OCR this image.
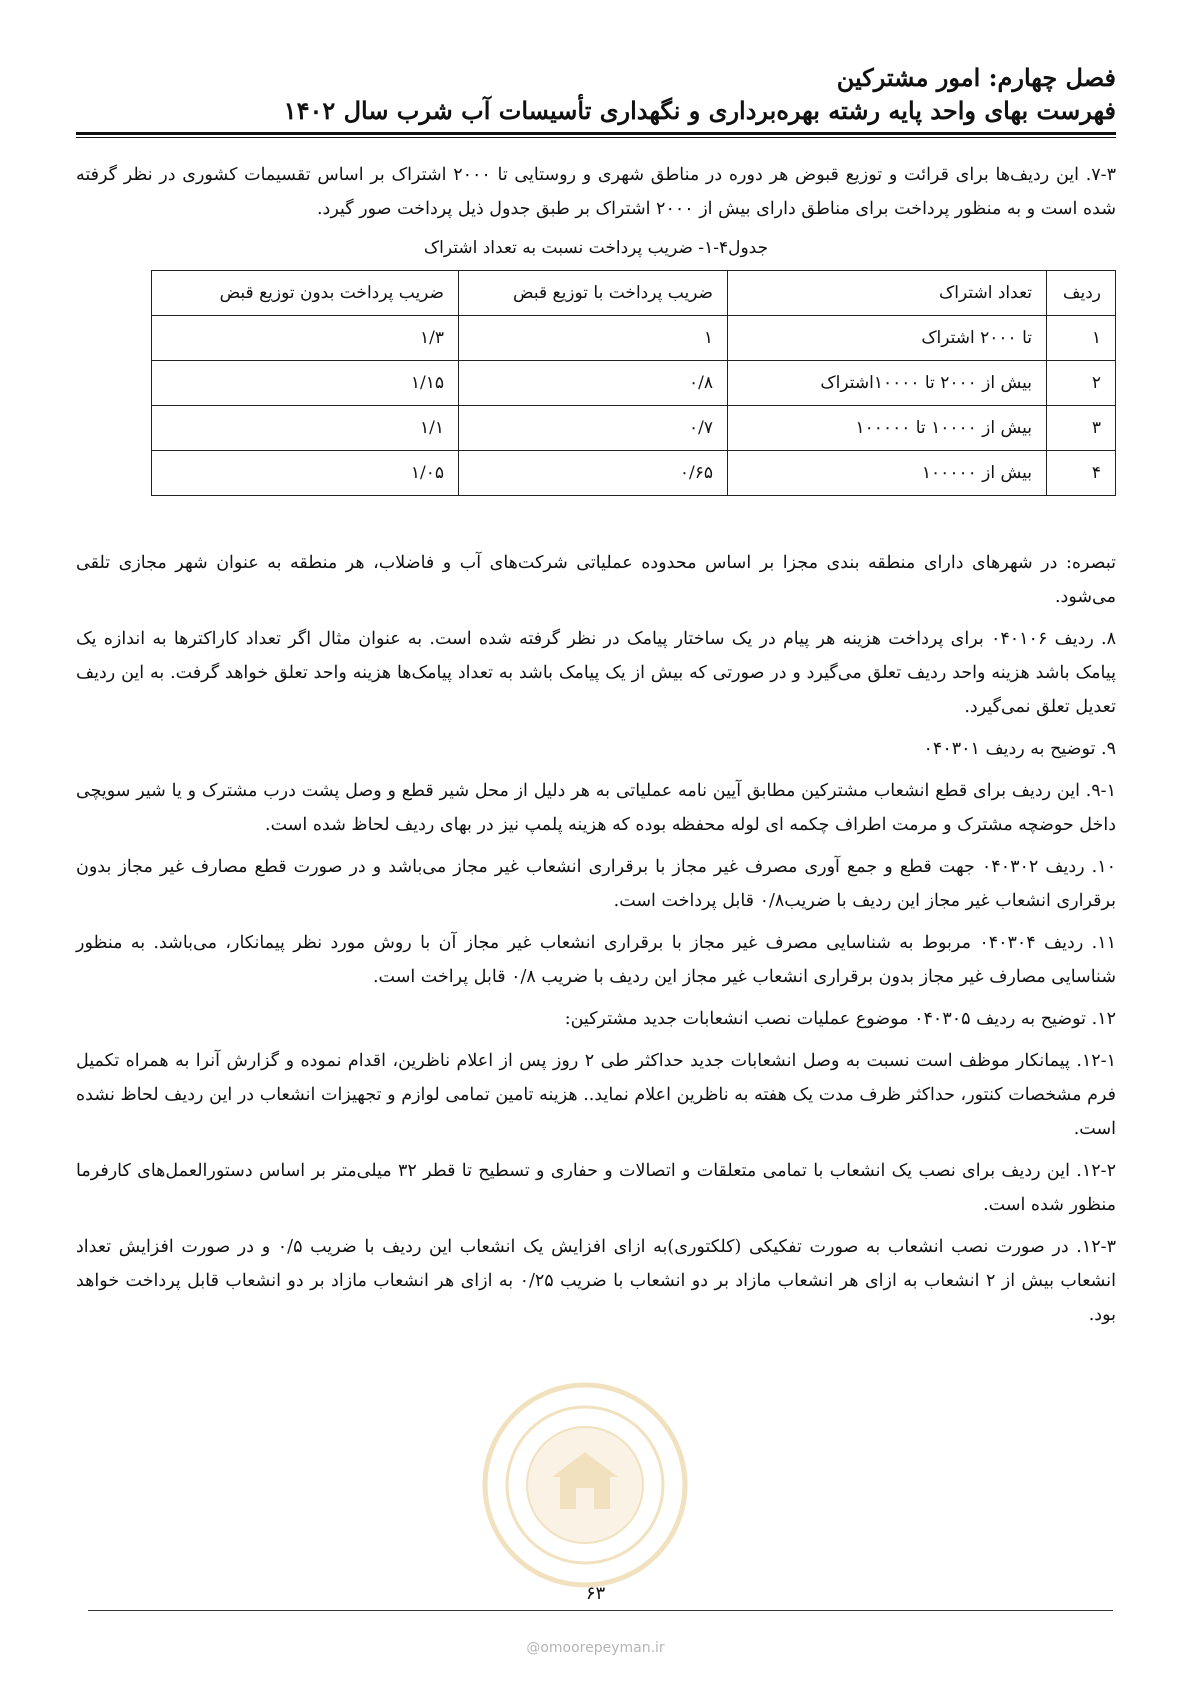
فصل چهارم: امور مشترکین
فهرست بهای واحد پایه رشته بهره‌برداری و نگهداری تأسیسات آب شرب سال ۱۴۰۲

۷-۳. این ردیف‌ها برای قرائت و توزیع قبوض هر دوره در مناطق شهری و روستایی تا ۲۰۰۰ اشتراک بر اساس تقسیمات کشوری در نظر گرفته شده است و به منظور پرداخت برای مناطق دارای بیش از ۲۰۰۰ اشتراک بر طبق جدول ذیل پرداخت صور گیرد.

جدول۴-۱- ضریب پرداخت نسبت به تعداد اشتراک
ردیف	تعداد اشتراک	ضریب پرداخت با توزیع قبض	ضریب پرداخت بدون توزیع قبض
۱	تا ۲۰۰۰ اشتراک	۱	۱/۳
۲	بیش از ۲۰۰۰ تا ۱۰۰۰۰اشتراک	۰/۸	۱/۱۵
۳	بیش از ۱۰۰۰۰ تا ۱۰۰۰۰۰	۰/۷	۱/۱
۴	بیش از ۱۰۰۰۰۰	۰/۶۵	۱/۰۵

تبصره: در شهرهای دارای منطقه بندی مجزا بر اساس محدوده عملیاتی شرکت‌های آب و فاضلاب، هر منطقه به عنوان شهر مجازی تلقی می‌شود.

۸. ردیف ۰۴۰۱۰۶ برای پرداخت هزینه هر پیام در یک ساختار پیامک در نظر گرفته شده است. به عنوان مثال اگر تعداد کاراکترها به اندازه یک پیامک باشد هزینه واحد ردیف تعلق می‌گیرد و در صورتی که بیش از یک پیامک باشد به تعداد پیامک‌ها هزینه واحد تعلق خواهد گرفت. به این ردیف تعدیل تعلق نمی‌گیرد.

۹. توضیح به ردیف ۰۴۰۳۰۱

۹-۱. این ردیف برای قطع انشعاب مشترکین مطابق آیین نامه عملیاتی به هر دلیل از محل شیر قطع و وصل پشت درب مشترک و یا شیر سویچی داخل حوضچه مشترک و مرمت اطراف چکمه ای لوله محفظه بوده که هزینه پلمپ نیز در بهای ردیف لحاظ شده است.

۱۰. ردیف ۰۴۰۳۰۲ جهت قطع و جمع آوری مصرف غیر مجاز با برقراری انشعاب غیر مجاز می‌باشد و در صورت قطع مصارف غیر مجاز بدون برقراری انشعاب غیر مجاز این ردیف با ضریب۰/۸ قابل پرداخت است.

۱۱. ردیف ۰۴۰۳۰۴ مربوط به شناسایی مصرف غیر مجاز با برقراری انشعاب غیر مجاز آن با روش مورد نظر پیمانکار، می‌باشد. به منظور شناسایی مصارف غیر مجاز بدون برقراری انشعاب غیر مجاز این ردیف با ضریب ۰/۸ قابل پراخت است.

۱۲. توضیح به ردیف ۰۴۰۳۰۵ موضوع عملیات نصب انشعابات جدید مشترکین:

۱۲-۱. پیمانکار موظف است نسبت به وصل انشعابات جدید حداکثر طی ۲ روز پس از اعلام ناظرین، اقدام نموده و گزارش آنرا به همراه تکمیل فرم مشخصات کنتور، حداکثر ظرف مدت یک هفته به ناظرین اعلام نماید.. هزینه تامین تمامی لوازم و تجهیزات انشعاب در این ردیف لحاظ نشده است.

۱۲-۲. این ردیف برای نصب یک انشعاب با تمامی متعلقات و اتصالات و حفاری و تسطیح تا قطر ۳۲ میلی‌متر بر اساس دستورالعمل‌های کارفرما منظور شده است.

۱۲-۳. در صورت نصب انشعاب به صورت تفکیکی (کلکتوری)به ازای افزایش یک انشعاب این ردیف با ضریب ۰/۵ و در صورت افزایش تعداد انشعاب بیش از ۲ انشعاب به ازای هر انشعاب مازاد بر دو انشعاب با ضریب ۰/۲۵ به ازای هر انشعاب مازاد بر دو انشعاب قابل پرداخت خواهد بود.

۶۳
@omoorepeyman.ir
